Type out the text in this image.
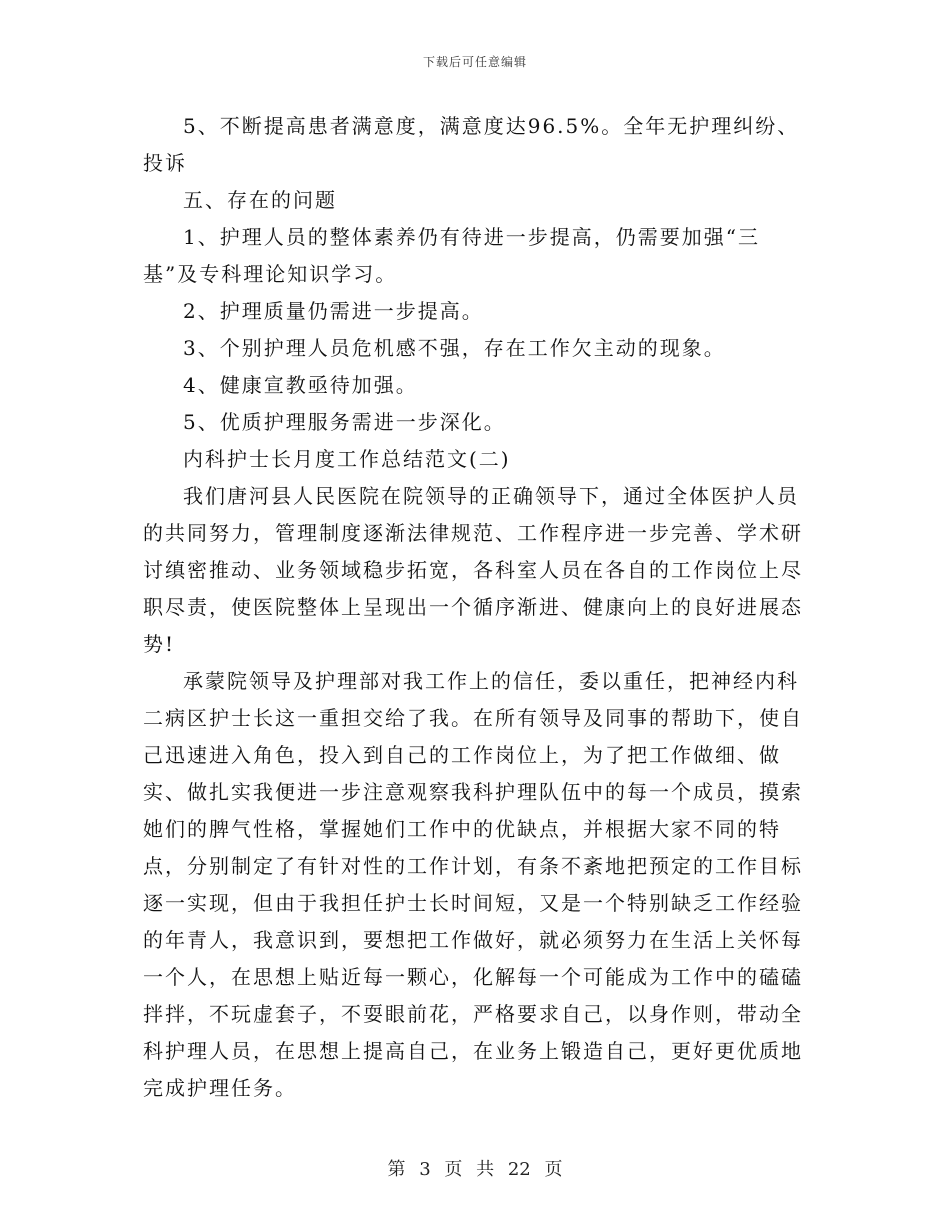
下载后可任意编辑

5、不断提高患者满意度，满意度达96.5%。全年无护理纠纷、投诉

五、存在的问题

1、护理人员的整体素养仍有待进一步提高，仍需要加强“三基”及专科理论知识学习。

2、护理质量仍需进一步提高。

3、个别护理人员危机感不强，存在工作欠主动的现象。

4、健康宣教亟待加强。

5、优质护理服务需进一步深化。

内科护士长月度工作总结范文(二)

我们唐河县人民医院在院领导的正确领导下，通过全体医护人员的共同努力，管理制度逐渐法律规范、工作程序进一步完善、学术研讨缜密推动、业务领域稳步拓宽，各科室人员在各自的工作岗位上尽职尽责，使医院整体上呈现出一个循序渐进、健康向上的良好进展态势!

承蒙院领导及护理部对我工作上的信任，委以重任，把神经内科二病区护士长这一重担交给了我。在所有领导及同事的帮助下，使自己迅速进入角色，投入到自己的工作岗位上，为了把工作做细、做实、做扎实我便进一步注意观察我科护理队伍中的每一个成员，摸索她们的脾气性格，掌握她们工作中的优缺点，并根据大家不同的特点，分别制定了有针对性的工作计划，有条不紊地把预定的工作目标逐一实现，但由于我担任护士长时间短，又是一个特别缺乏工作经验的年青人，我意识到，要想把工作做好，就必须努力在生活上关怀每一个人，在思想上贴近每一颗心，化解每一个可能成为工作中的磕磕拌拌，不玩虚套子，不耍眼前花，严格要求自己，以身作则，带动全科护理人员，在思想上提高自己，在业务上锻造自己，更好更优质地完成护理任务。

第 3 页 共 22 页
